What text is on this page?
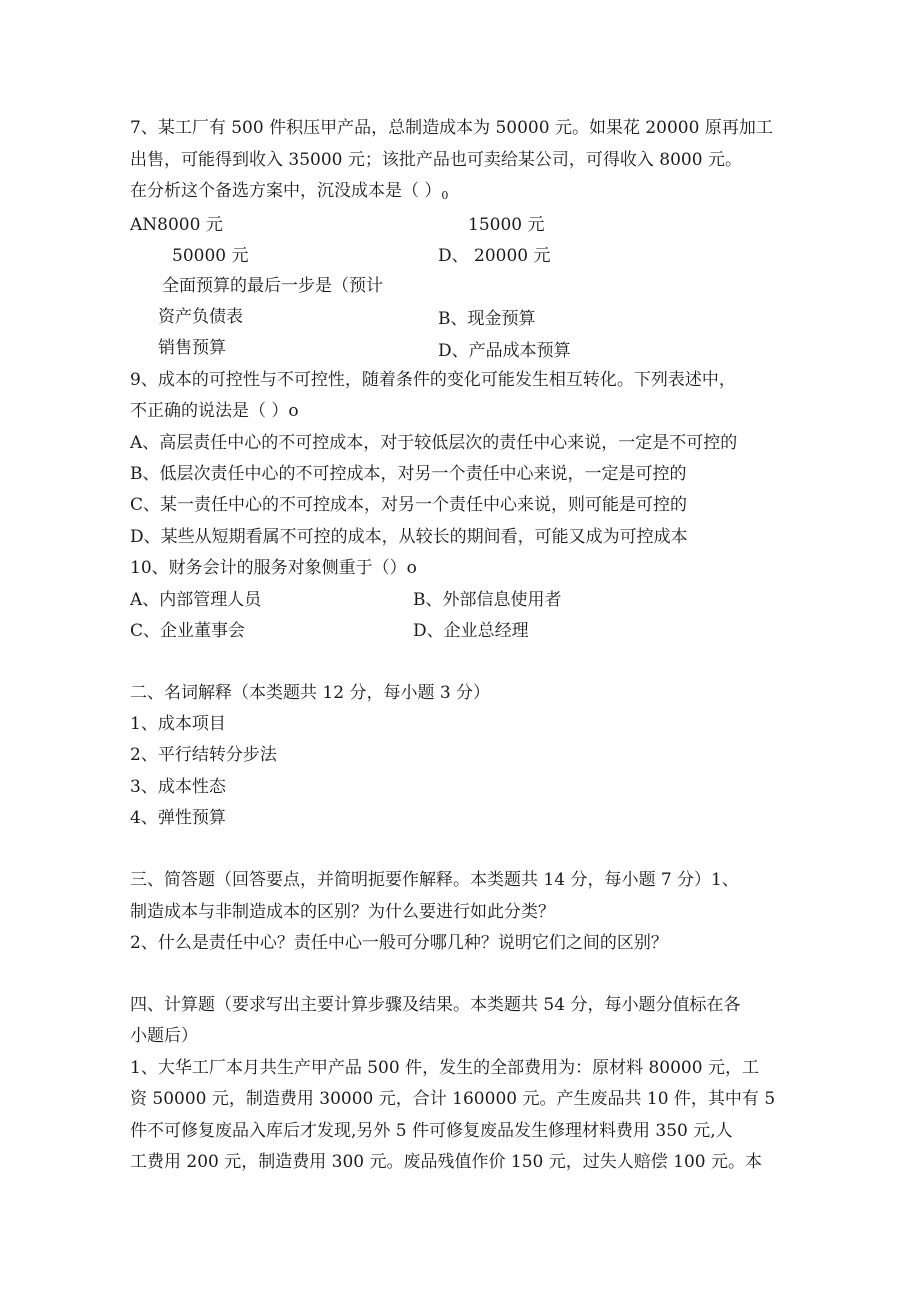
7、某工厂有 500 件积压甲产品，总制造成本为 50000 元。如果花 20000 原再加工
出售，可能得到收入 35000 元；该批产品也可卖给某公司，可得收入 8000 元。
在分析这个备选方案中，沉没成本是（ ）$_0$
AN8000 元	15000 元
50000 元	D、 20000 元
全面预算的最后一步是（预计
资产负债表	B、现金预算
销售预算	D、产品成本预算
9、成本的可控性与不可控性，随着条件的变化可能发生相互转化。下列表述中，
不正确的说法是（ ）o
A、高层责任中心的不可控成本，对于较低层次的责任中心来说，一定是不可控的
B、低层次责任中心的不可控成本，对另一个责任中心来说，一定是可控的
C、某一责任中心的不可控成本，对另一个责任中心来说，则可能是可控的
D、某些从短期看属不可控的成本，从较长的期间看，可能又成为可控成本
10、财务会计的服务对象侧重于（）o
A、内部管理人员	B、外部信息使用者
C、企业董事会	D、企业总经理
二、名词解释（本类题共 12 分，每小题 3 分）
1、成本项目
2、平行结转分步法
3、成本性态
4、弹性预算
三、简答题（回答要点，并简明扼要作解释。本类题共 14 分，每小题 7 分）1、
制造成本与非制造成本的区别？为什么要进行如此分类？
2、什么是责任中心？责任中心一般可分哪几种？说明它们之间的区别？
四、计算题（要求写出主要计算步骤及结果。本类题共 54 分，每小题分值标在各
小题后）
1、大华工厂本月共生产甲产品 500 件，发生的全部费用为：原材料 80000 元，工
资 50000 元，制造费用 30000 元，合计 160000 元。产生废品共 10 件，其中有 5
件不可修复废品入库后才发现,另外 5 件可修复废品发生修理材料费用 350 元,人
工费用 200 元，制造费用 300 元。废品残值作价 150 元，过失人赔偿 100 元。本
